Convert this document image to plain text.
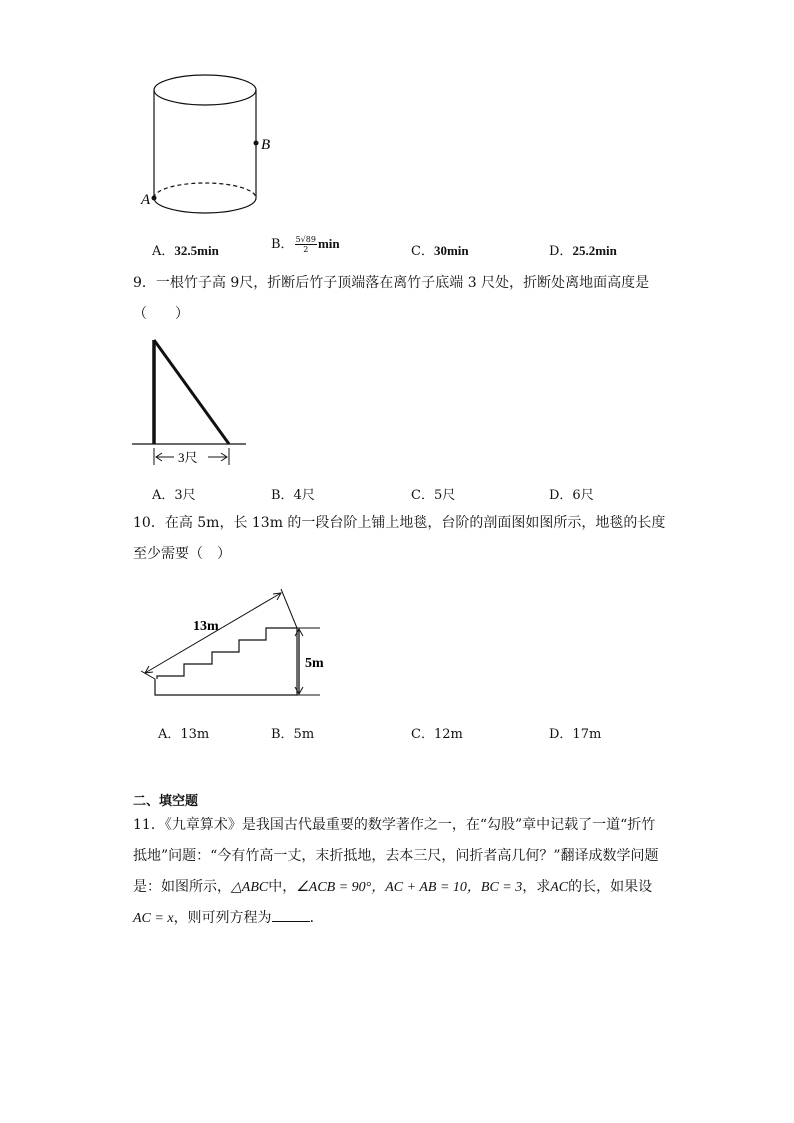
B
A
A．32.5min	B． $\frac{5√89}{2}$ min
C．30min	D．25.2min
9．一根竹子高 9尺，折断后竹子顶端落在离竹子底端 3 尺处，折断处离地面高度是
（　　）
3尺
A．3尺	B．4尺	C．5尺	D．6尺
10．在高 5m，长 13m 的一段台阶上铺上地毯，台阶的剖面图如图所示，地毯的长度
至少需要（　）
5m
13m
A．13m	B．5m	C．12m	D．17m
二、填空题
11．《九章算术》是我国古代最重要的数学著作之一，在“勾股”章中记载了一道“折竹
抵地”问题：“今有竹高一丈，末折抵地，去本三尺，问折者高几何？”翻译成数学问题
是：如图所示，△ABC中，∠ACB = 90°，AC + AB = 10，BC = 3，求AC的长，如果设
AC = x，则可列方程为	．
